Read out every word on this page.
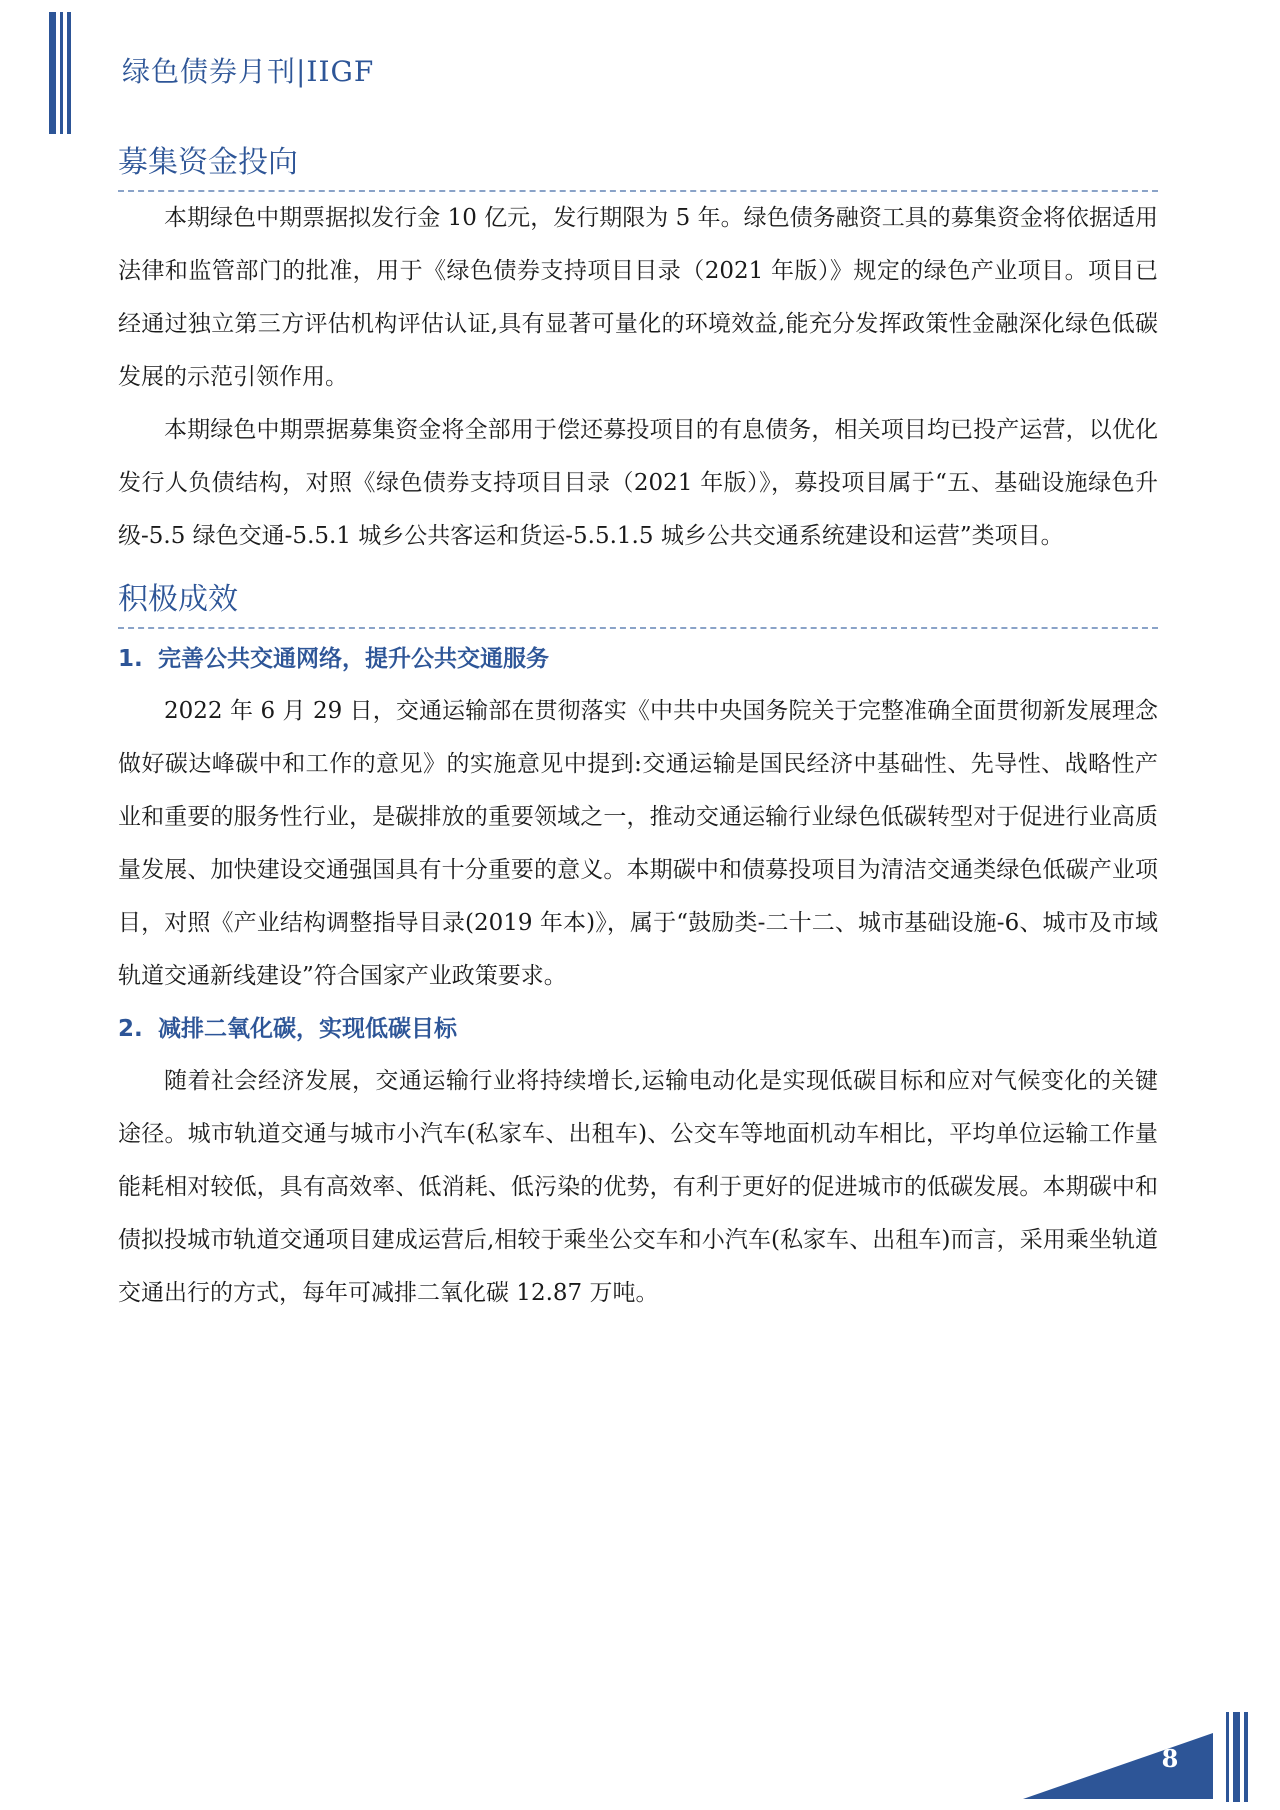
绿色债券月刊|IIGF
募集资金投向

本期绿色中期票据拟发行金 10 亿元，发行期限为 5 年。绿色债务融资工具的募集资金将依据适用法律和监管部门的批准，用于《绿色债券支持项目目录（2021 年版）》规定的绿色产业项目。项目已经通过独立第三方评估机构评估认证,具有显著可量化的环境效益,能充分发挥政策性金融深化绿色低碳发展的示范引领作用。

本期绿色中期票据募集资金将全部用于偿还募投项目的有息债务，相关项目均已投产运营，以优化发行人负债结构，对照《绿色债券支持项目目录（2021 年版）》，募投项目属于“五、基础设施绿色升级-5.5 绿色交通-5.5.1 城乡公共客运和货运-5.5.1.5 城乡公共交通系统建设和运营”类项目。

积极成效
1. 完善公共交通网络，提升公共交通服务

2022 年 6 月 29 日，交通运输部在贯彻落实《中共中央国务院关于完整准确全面贯彻新发展理念做好碳达峰碳中和工作的意见》的实施意见中提到:交通运输是国民经济中基础性、先导性、战略性产业和重要的服务性行业，是碳排放的重要领域之一，推动交通运输行业绿色低碳转型对于促进行业高质量发展、加快建设交通强国具有十分重要的意义。本期碳中和债募投项目为清洁交通类绿色低碳产业项目，对照《产业结构调整指导目录(2019 年本)》，属于“鼓励类-二十二、城市基础设施-6、城市及市域轨道交通新线建设”符合国家产业政策要求。

2. 减排二氧化碳，实现低碳目标

随着社会经济发展，交通运输行业将持续增长,运输电动化是实现低碳目标和应对气候变化的关键途径。城市轨道交通与城市小汽车(私家车、出租车)、公交车等地面机动车相比，平均单位运输工作量能耗相对较低，具有高效率、低消耗、低污染的优势，有利于更好的促进城市的低碳发展。本期碳中和债拟投城市轨道交通项目建成运营后,相较于乘坐公交车和小汽车(私家车、出租车)而言，采用乘坐轨道交通出行的方式，每年可减排二氧化碳 12.87 万吨。

8
